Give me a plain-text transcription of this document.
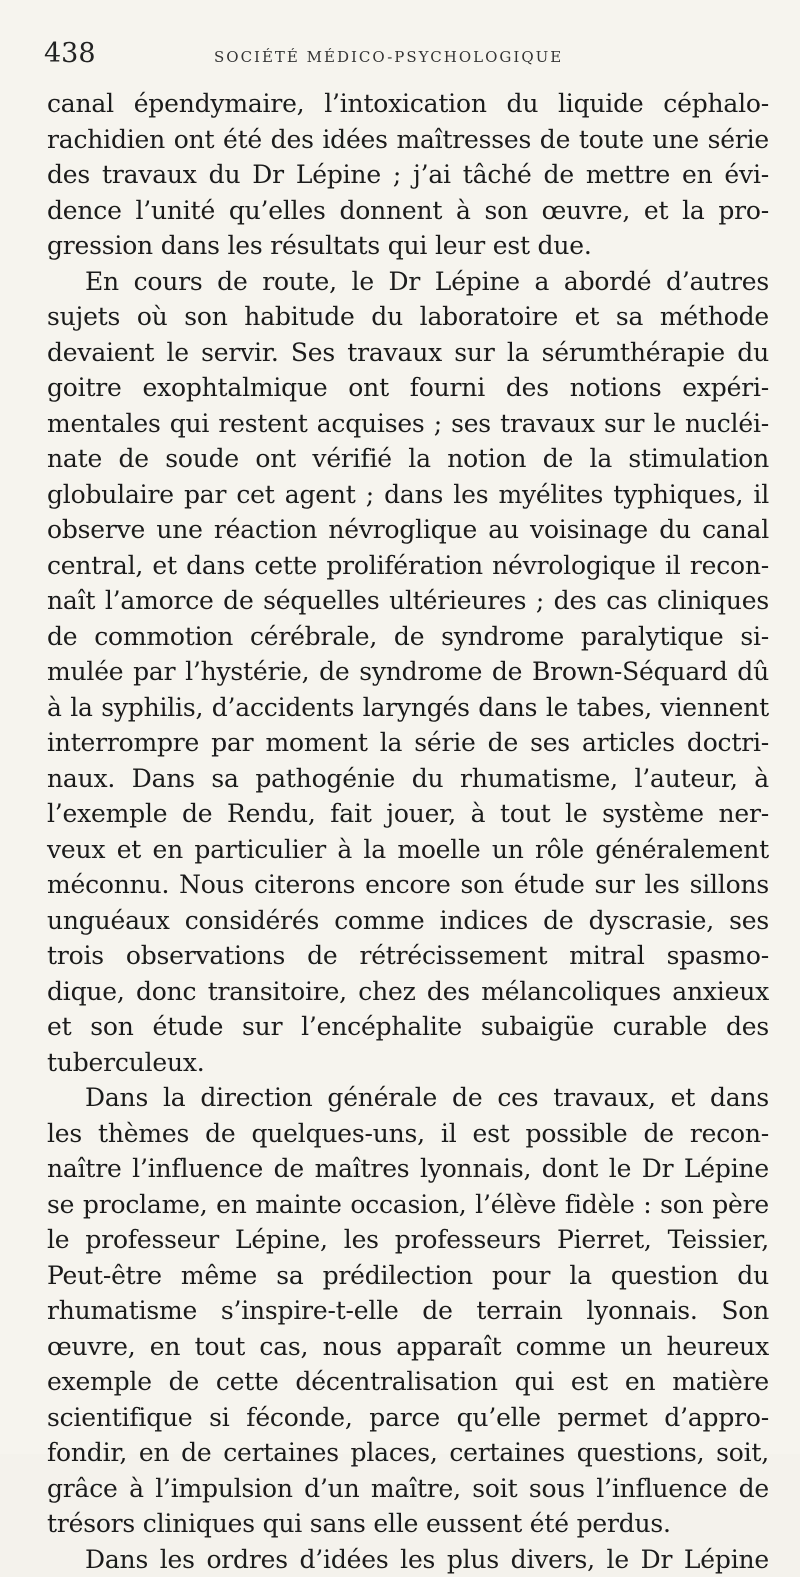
438	SOCIÉTÉ MÉDICO-PSYCHOLOGIQUE
canal épendymaire, l’intoxication du liquide céphalo-
rachidien ont été des idées maîtresses de toute une série
des travaux du Dr Lépine ; j’ai tâché de mettre en évi-
dence l’unité qu’elles donnent à son œuvre, et la pro-
gression dans les résultats qui leur est due.
En cours de route, le Dr Lépine a abordé d’autres
sujets où son habitude du laboratoire et sa méthode
devaient le servir. Ses travaux sur la sérumthérapie du
goitre exophtalmique ont fourni des notions expéri-
mentales qui restent acquises ; ses travaux sur le nucléi-
nate de soude ont vérifié la notion de la stimulation
globulaire par cet agent ; dans les myélites typhiques, il
observe une réaction névroglique au voisinage du canal
central, et dans cette prolifération névrologique il recon-
naît l’amorce de séquelles ultérieures ; des cas cliniques
de commotion cérébrale, de syndrome paralytique si-
mulée par l’hystérie, de syndrome de Brown-Séquard dû
à la syphilis, d’accidents laryngés dans le tabes, viennent
interrompre par moment la série de ses articles doctri-
naux. Dans sa pathogénie du rhumatisme, l’auteur, à
l’exemple de Rendu, fait jouer, à tout le système ner-
veux et en particulier à la moelle un rôle généralement
méconnu. Nous citerons encore son étude sur les sillons
unguéaux considérés comme indices de dyscrasie, ses
trois observations de rétrécissement mitral spasmo-
dique, donc transitoire, chez des mélancoliques anxieux
et son étude sur l’encéphalite subaigüe curable des
tuberculeux.
Dans la direction générale de ces travaux, et dans
les thèmes de quelques-uns, il est possible de recon-
naître l’influence de maîtres lyonnais, dont le Dr Lépine
se proclame, en mainte occasion, l’élève fidèle : son père
le professeur Lépine, les professeurs Pierret, Teissier,
Peut-être même sa prédilection pour la question du
rhumatisme s’inspire-t-elle de terrain lyonnais. Son
œuvre, en tout cas, nous apparaît comme un heureux
exemple de cette décentralisation qui est en matière
scientifique si féconde, parce qu’elle permet d’appro-
fondir, en de certaines places, certaines questions, soit,
grâce à l’impulsion d’un maître, soit sous l’influence de
trésors cliniques qui sans elle eussent été perdus.
Dans les ordres d’idées les plus divers, le Dr Lépine
